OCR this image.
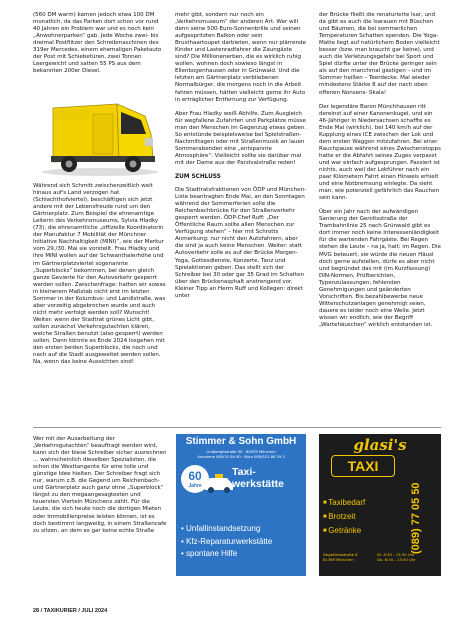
(560 DM warm) kamen jedoch etwa 100 DM monatlich, da das Parken dort schon vor rund 40 Jahren ein Problem war und es noch kein „Anwohnerparken“ gab. Jede Woche zwei- bis dreimal Postflitzer den Schreibmaschinen des 319er Mercedes, einem ehemaligen Paketauto der Post mit Schiebetüren, zwei Tonnen Leergewicht und satten 55 PS aus dem bekannten 200er Diesel.

Während sich Schmitt zwischenzeitlich weit hinaus auf's Land verzogen hat (Schlachthofviertel), beschäftigen sich jetzt andere mit der Lebensfreude rund um den Gärtnerplatz. Zum Beispiel die ehrenamtige Leiterin des Verkehrsmuseums, Sylvia Hladky (73), die ehrenamtliche „offizielle Koordinatorin der Manufaktur 7 Mobilität der Münchner Initiative Nachhaltigkeit (MINI)“, wie der Merkur vom 29./30. Mai sie vorstellt. Frau Hladky und ihre MINI wollen auf der Schwanthalerhöhe und im Gärtnerplatzviertel sogenannte „Superblocks“ bekommen, bei denen gleich ganze Gevierte für den Autoverkehr gesperrt werden sollen. Zwischenfrage: hatten wir sowas in kleinerem Maßstab nicht erst im letzten Sommer in der Kolumbus- und Landlstraße, was aber vorzeitig abgebrochen wurde und auch nicht mehr verfolgt werden soll? Wunscht! Weiter: wenn der Stadtrat grünes Licht gibt, sollen zunächst Verkehrsgutachten klären, welche Straßen benutzt (also gesperrt) werden sollen. Dann könnte es Ende 2024 losgehen mit den ersten beiden Superblocks, die noch und nach auf die Stadt ausgeweitet werden sollen. Na, wenn das keine Aussichten sind!

mehr gibt, sondern nur noch ein „Verkehrsmuseum“ der anderen Art. Wer will denn seine 500-Euro-Sonnenbrille und seinen aufgespritzten Balkon oder sein Brusthaartoupet darbieten, wenn nur plärrende Kinder und Lastenradfahrer die Zaungäste sind? Die Millionenerben, die es wirklich ruhig wollen, wohnen doch sowieso längst in Ellenbogenhausen oder in Grünwald. Und die letzten am Gärtnerplatz verbliebenen Normalbürger, die morgens noch in die Arbeit fahren müssen, hätten vielleicht gerne ihr Auto in erträglicher Entfernung zur Verfügung.

Aber Frau Hladky weiß Abhilfe. Zum Ausgleich für wegfallene Zufahrten und Parkplätze müsse man den Menschen im Gegenzug etwas geben. So entstünde beispielsweise bei Spielstraßen-Nachmittagen oder mit Straßenmusik an lauen Sommerabenden eine „entspannte Atmosphäre“. Vielleicht sollte sie darüber mal mit der Dame aus der Parzivalstraße reden!

ZUM SCHLUSS

Die Stadtratsfraktionen von ÖDP und München-Liste beantragten Ende Mai, an den Sonntagen während der Sommerferien solle die Reichenbachbrücke für den Straßenverkehr gesperrt werden. ÖDP-Chef Ruff: „Der Öffentliche Raum sollte allen Menschen zur Verfügung stehen“ – hier mit Schrotts Anmerkung: nur nicht den Autofahrern, aber die sind ja auch keine Menschen. Weiter: statt Autoverkehr solle es auf der Brücke Morgen-Yoga, Gottesdienste, Konzerte, Tanz und Spielaktionen geben. Das stellt sich der Schreiber bei 30 oder gar 35 Grad im Schatten über den Brückenasphalt anstrengend vor. Kleiner Tipp an Herrn Ruff und Kollegen: direkt unter

der Brücke fließt die renaturierte Isar, und da gibt es auch die Isarauen mit Büschen und Bäumen, die bei sommerlichen Temperaturen Schatten spenden. Die Yoga-Matte liegt auf natürlichem Boden vielleicht besser (bzw. man braucht gar keine), und auch die Verletzungsgefahr bei Sport und Spiel dürfte unter der Brücke geringer sein als auf den manchmal gastigen – und im Sommer heißen – Teerdecke. Mal wieder mindestens Stärke 8 auf der nach oben offenen Nonsens- Skala!

Der legendäre Baron Münchhausen ritt dereinst auf einer Kanonenkugel, und ein 46-Jähriger in Niedersachsen schaffte es Ende Mai (wirklich), bei 140 km/h auf der Kupplung eines ICE zwischen der Lok und dem ersten Waggon mitzufahren. Bei einer Rauchpause während eines Zwischenstopps hatte er die Abfahrt seines Zuges verpasst und war einfach aufgesprungen. Passiert ist nichts, auch weil der Lokführer nach ein paar Kilometern Fahrt einen Hinweis erhielt und eine Notbremsung einlegte. Da sieht man, wie potenziell gefährlich das Rauchen sein kann.

Über ein Jahr nach der aufwändigen Sanierung der Geroltsstraße der Trambahnlinie 25 nach Grünwald gibt es dort immer noch keine Interessenländigkeit für die wartenden Fahrgäste. Bei Regen stehen die Leute – na ja, halt: im Regen. Die MVG beteuert, sie würde die neuen Häusl doch gerne aufstellen, dürfe es aber nicht und begründet das mit (im Kurzfassung) DIN-Normen, Prüfberichten, Typenzulassungen, fehlenden Genehmigungen und geänderten Vorschriften. Bis bezahlbewerbe neue Witterschutzanlagen genehmigt seien, dauere es leider noch eine Weile. Jetzt wissen wir endlich, wie der Begriff „Wartehäuschen“ wirklich entstanden ist.

Wer mit der Ausarbeitung der „Verkehrsgutachten“ beauftragt werden wird, kann sich der biese Schreiber sicher ausrechnen … wahrscheinlich dieselben Spezialisten, die schon die Westtangente für eine tolle und günstige Idee hielten. Der Schreiber fragt sich nur, warum z.B. die Gegend um Reichenbach- und Gärtnerplatz auch ganz ohne „Superblock“ längst zu den megaangesagtesten und teuersten Vierteln Münchens zählt. Für die Leute, die sich heute noch die dortigen Mieten oder Immobilienpreise leisten können, ist es doch bestimmt langweilig, in einem Straßencafe zu sitzen, an dem es gar keine echte Straße

Stimmer & Sohn GmbH
Lindberghstraße 30 · 80939 München
Annahme 089/31 84 90 · Büro 089/321 88 29-3
60
Jahre
Taxi-
werkstätte
• Unfallinstandsetzung
• Kfz-Reparaturwerkstätte
• spontane Hilfe
glasi's
TAXI
■ Taxibedarf
■ Brotzeit
■ Getränke	(089) 77 05 50
Degetlerbstraße 6
81369 München
Di. 8:30 - 13:30 Uhr
Do. 8:30 - 13:30 Uhr
28 / TAXIKURIER / JULI 2024
